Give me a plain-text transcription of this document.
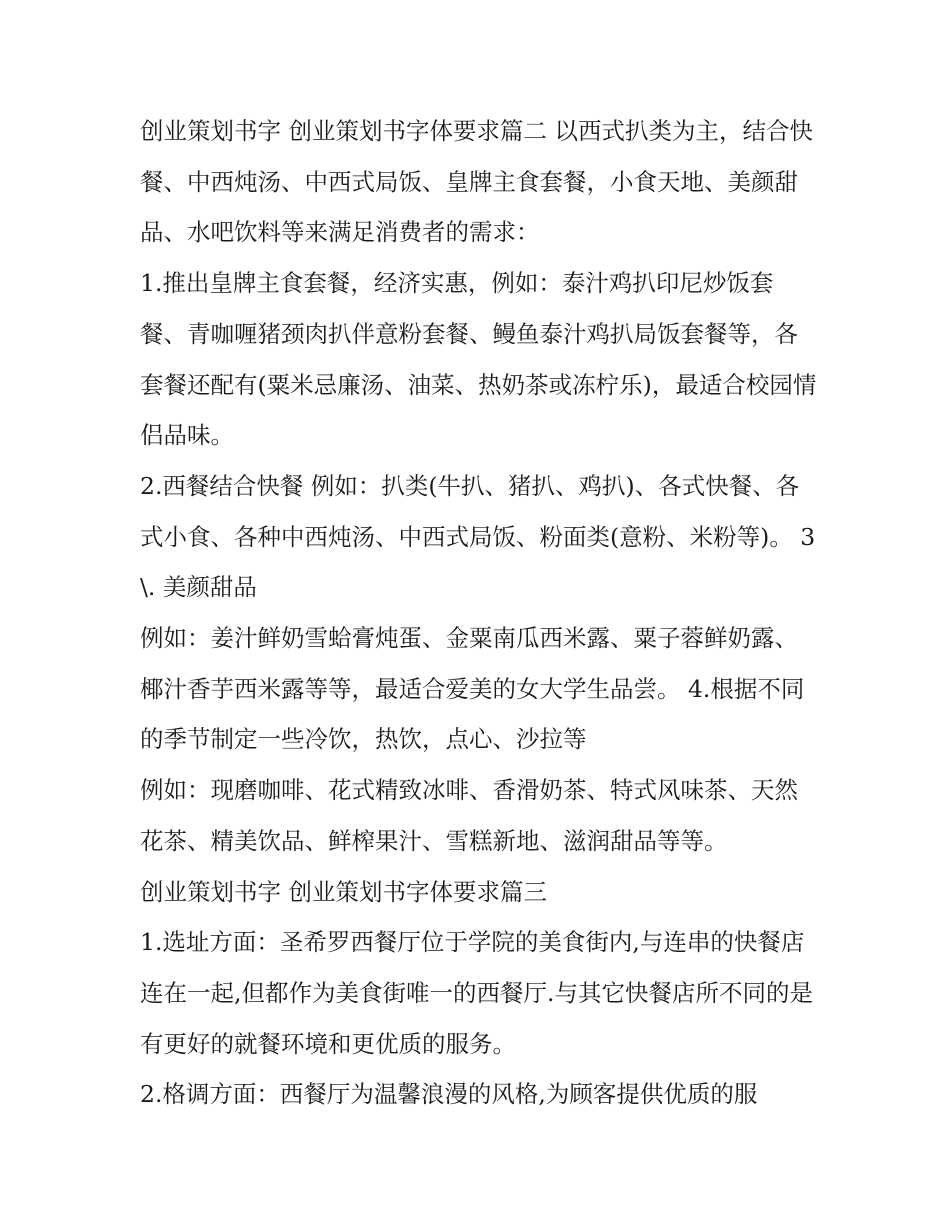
创业策划书字 创业策划书字体要求篇二 以西式扒类为主，结合快餐、中西炖汤、中西式局饭、皇牌主食套餐，小食天地、美颜甜品、水吧饮料等来满足消费者的需求：

1.推出皇牌主食套餐，经济实惠，例如：泰汁鸡扒印尼炒饭套餐、青咖喱猪颈肉扒伴意粉套餐、鳗鱼泰汁鸡扒局饭套餐等，各套餐还配有(粟米忌廉汤、油菜、热奶茶或冻柠乐)，最适合校园情侣品味。

2.西餐结合快餐 例如：扒类(牛扒、猪扒、鸡扒)、各式快餐、各式小食、各种中西炖汤、中西式局饭、粉面类(意粉、米粉等)。 3\. 美颜甜品

例如：姜汁鲜奶雪蛤膏炖蛋、金粟南瓜西米露、粟子蓉鲜奶露、椰汁香芋西米露等等，最适合爱美的女大学生品尝。 4.根据不同的季节制定一些冷饮，热饮，点心、沙拉等

例如：现磨咖啡、花式精致冰啡、香滑奶茶、特式风味茶、天然花茶、精美饮品、鲜榨果汁、雪糕新地、滋润甜品等等。

创业策划书字 创业策划书字体要求篇三

1.选址方面：圣希罗西餐厅位于学院的美食街内,与连串的快餐店连在一起,但都作为美食街唯一的西餐厅.与其它快餐店所不同的是有更好的就餐环境和更优质的服务。

2.格调方面：西餐厅为温馨浪漫的风格,为顾客提供优质的服
